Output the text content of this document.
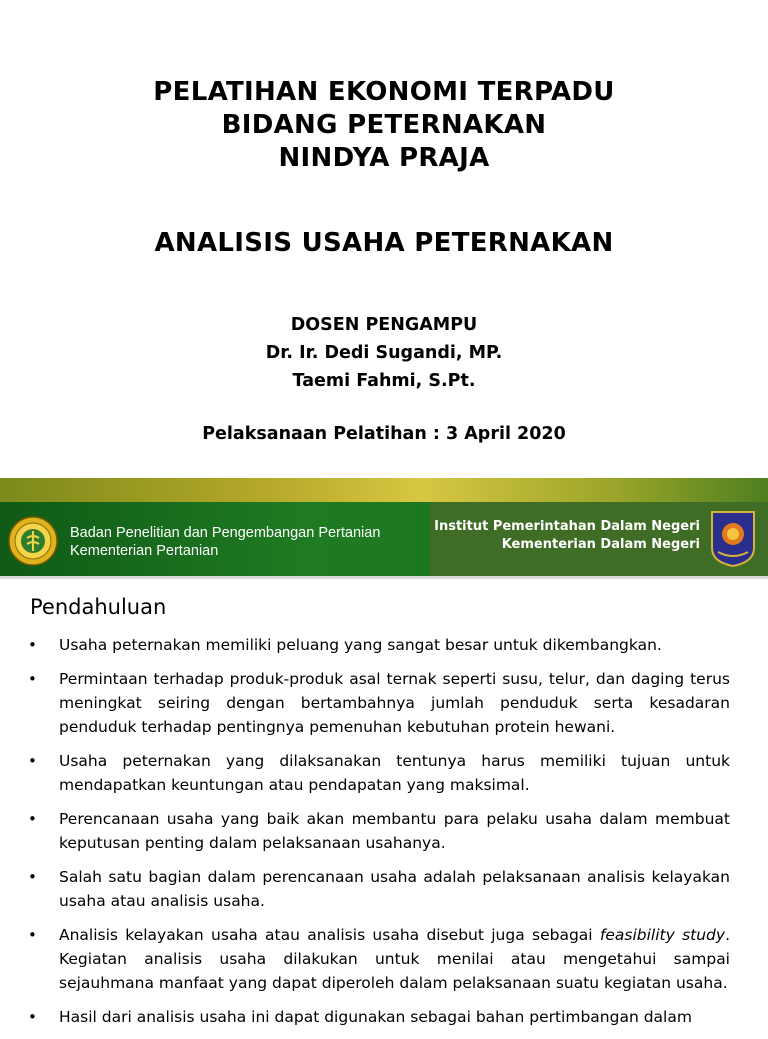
PELATIHAN EKONOMI TERPADU
BIDANG PETERNAKAN
NINDYA PRAJA
ANALISIS USAHA PETERNAKAN
DOSEN PENGAMPU
Dr. Ir. Dedi Sugandi, MP.
Taemi Fahmi, S.Pt.
Pelaksanaan Pelatihan : 3 April 2020
Badan Penelitian dan Pengembangan Pertanian
Kementerian Pertanian
Institut Pemerintahan Dalam Negeri
Kementerian Dalam Negeri
Pendahuluan
•	Usaha peternakan memiliki peluang yang sangat besar untuk dikembangkan.
•	Permintaan terhadap produk-produk asal ternak seperti susu, telur, dan daging terus meningkat seiring dengan bertambahnya jumlah penduduk serta kesadaran penduduk terhadap pentingnya pemenuhan kebutuhan protein hewani.
•	Usaha peternakan yang dilaksanakan tentunya harus memiliki tujuan untuk mendapatkan keuntungan atau pendapatan yang maksimal.
•	Perencanaan usaha yang baik akan membantu para pelaku usaha dalam membuat keputusan penting dalam pelaksanaan usahanya.
•	Salah satu bagian dalam perencanaan usaha adalah pelaksanaan analisis kelayakan usaha atau analisis usaha.
•	Analisis kelayakan usaha atau analisis usaha disebut juga sebagai feasibility study. Kegiatan analisis usaha dilakukan untuk menilai atau mengetahui sampai sejauhmana manfaat yang dapat diperoleh dalam pelaksanaan suatu kegiatan usaha.
•	Hasil dari analisis usaha ini dapat digunakan sebagai bahan pertimbangan dalam
